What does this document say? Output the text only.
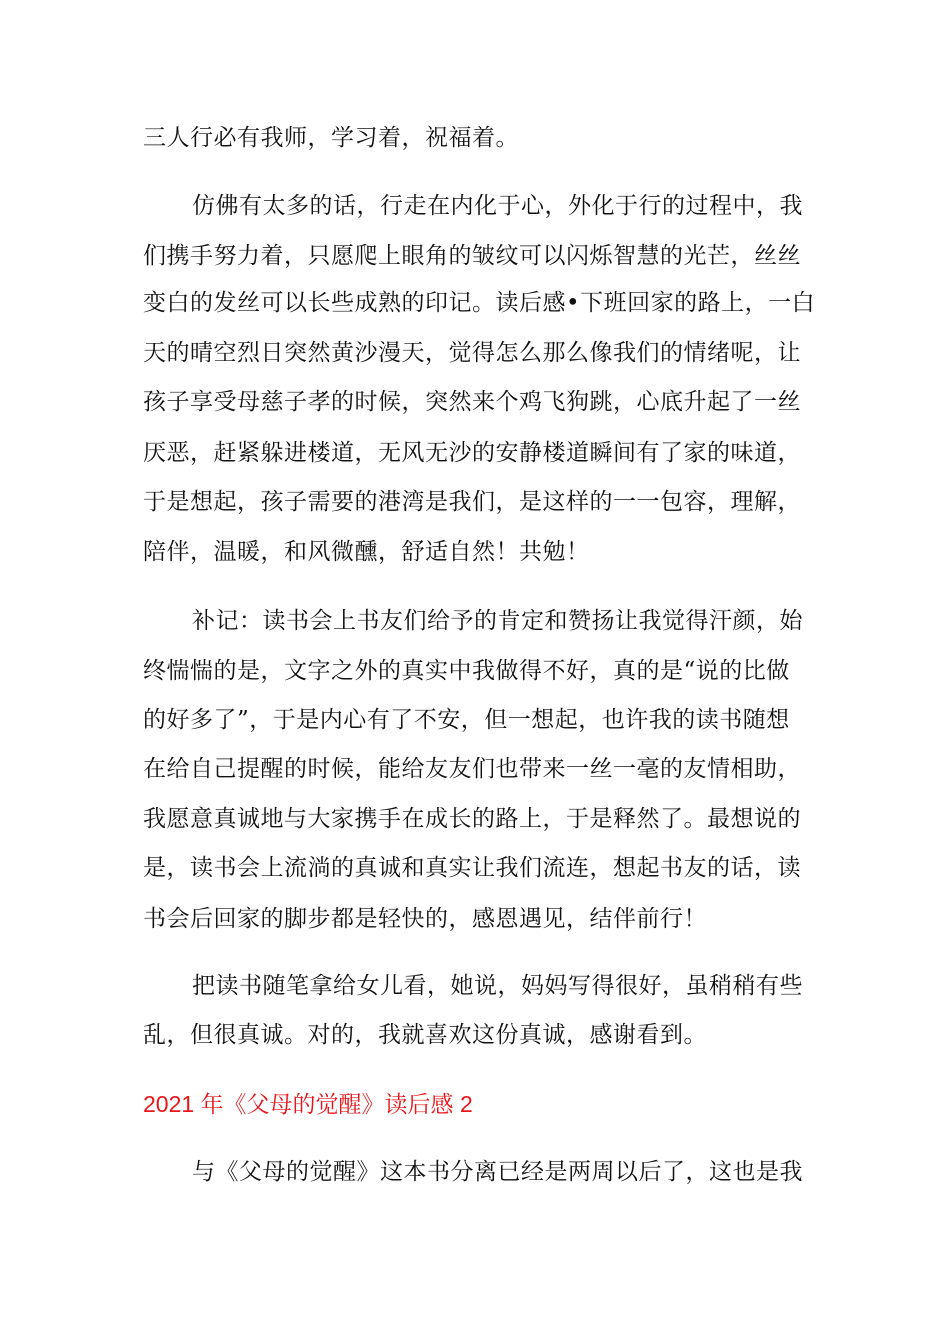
三人行必有我师，学习着，祝福着。
仿佛有太多的话，行走在内化于心，外化于行的过程中，我
们携手努力着，只愿爬上眼角的皱纹可以闪烁智慧的光芒，丝丝
变白的发丝可以长些成熟的印记。读后感•下班回家的路上，一白
天的晴空烈日突然黄沙漫天，觉得怎么那么像我们的情绪呢，让
孩子享受母慈子孝的时候，突然来个鸡飞狗跳，心底升起了一丝
厌恶，赶紧躲进楼道，无风无沙的安静楼道瞬间有了家的味道，
于是想起，孩子需要的港湾是我们，是这样的一一包容，理解，
陪伴，温暖，和风微醺，舒适自然！共勉！
补记：读书会上书友们给予的肯定和赞扬让我觉得汗颜，始
终惴惴的是，文字之外的真实中我做得不好，真的是“说的比做
的好多了”，于是内心有了不安，但一想起，也许我的读书随想
在给自己提醒的时候，能给友友们也带来一丝一毫的友情相助，
我愿意真诚地与大家携手在成长的路上，于是释然了。最想说的
是，读书会上流淌的真诚和真实让我们流连，想起书友的话，读
书会后回家的脚步都是轻快的，感恩遇见，结伴前行！
把读书随笔拿给女儿看，她说，妈妈写得很好，虽稍稍有些
乱，但很真诚。对的，我就喜欢这份真诚，感谢看到。
2021 年《父母的觉醒》读后感 2
与《父母的觉醒》这本书分离已经是两周以后了，这也是我
